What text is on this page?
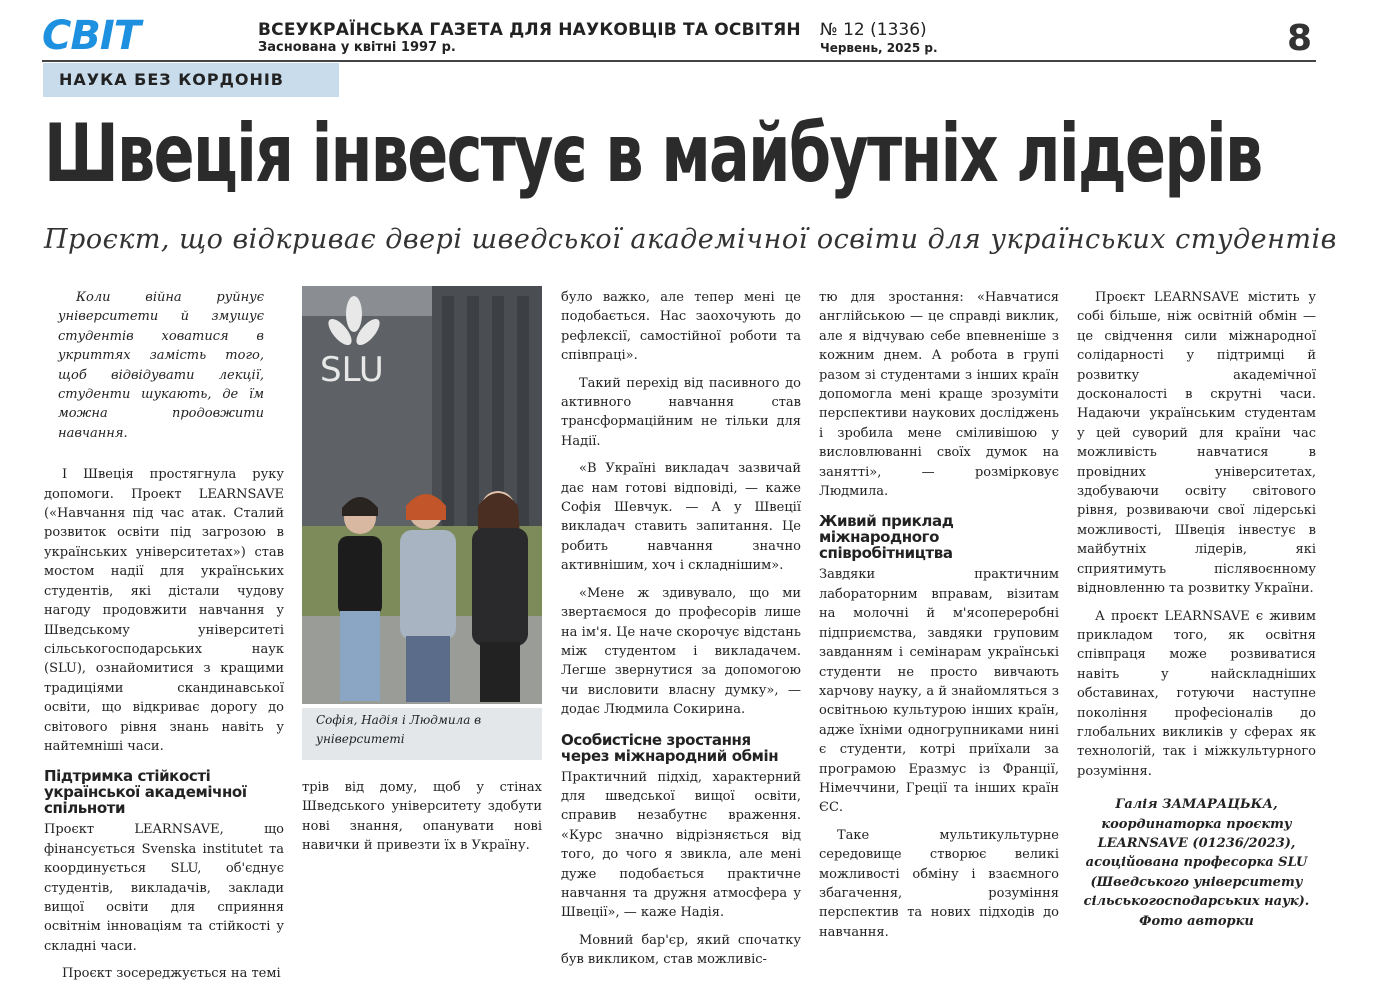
СВІТ	ВСЕУКРАЇНСЬКА ГАЗЕТА ДЛЯ НАУКОВЦІВ ТА ОСВІТЯН
Заснована у квітні 1997 р.
№ 12 (1336)
Червень, 2025 р.	8
НАУКА БЕЗ КОРДОНІВ
Швеція інвестує в майбутніх лідерів
Проєкт, що відкриває двері шведської академічної освіти для українських студентів

Коли війна руйнує університети й змушує студентів ховатися в укриттях замість того, щоб відвідувати лекції, студенти шукають, де їм можна продовжити навчання.

І Швеція простягнула руку допомоги. Проект LEARNSAVE («Навчання під час атак. Сталий розвиток освіти під загрозою в українських університетах») став мостом надії для українських студентів, які дістали чудову нагоду продовжити навчання у Шведському університеті сільськогосподарських наук (SLU), ознайомитися з кращими традиціями скандинавської освіти, що відкриває дорогу до світового рівня знань навіть у найтемніші часи.

Підтримка стійкості української академічної спільноти

Проєкт LEARNSAVE, що фінансується Svenska institutet та координується SLU, об'єднує студентів, викладачів, заклади вищої освіти для сприяння освітнім інноваціям та стійкості у складні часи.

Проєкт зосереджується на темі

SLU
Софія, Надія і Людмила в університеті

трів від дому, щоб у стінах Шведського університету здобути нові знання, опанувати нові навички й привезти їх в Україну.

було важко, але тепер мені це подобається. Нас заохочують до рефлексії, самостійної роботи та співпраці».

Такий перехід від пасивного до активного навчання став трансформаційним не тільки для Надії.

«В Україні викладач зазвичай дає нам готові відповіді, — каже Софія Шевчук. — А у Швеції викладач ставить запитання. Це робить навчання значно активнішим, хоч і складнішим».

«Мене ж здивувало, що ми звертаємося до професорів лише на ім'я. Це наче скорочує відстань між студентом і викладачем. Легше звернутися за допомогою чи висловити власну думку», — додає Людмила Сокирина.

Особистісне зростання через міжнародний обмін

Практичний підхід, характерний для шведської вищої освіти, справив незабутнє враження. «Курс значно відрізняється від того, до чого я звикла, але мені дуже подобається практичне навчання та дружня атмосфера у Швеції», — каже Надія.

Мовний бар'єр, який спочатку був викликом, став можливіс-

тю для зростання: «Навчатися англійською — це справді виклик, але я відчуваю себе впевненіше з кожним днем. А робота в групі разом зі студентами з інших країн допомогла мені краще зрозуміти перспективи наукових досліджень і зробила мене сміливішою у висловлюванні своїх думок на занятті», — розмірковує Людмила.

Живий приклад міжнародного співробітництва

Завдяки практичним лабораторним вправам, візитам на молочні й м'ясопереробні підприємства, завдяки груповим завданням і семінарам українські студенти не просто вивчають харчову науку, а й знайомляться з освітньою культурою інших країн, адже їхніми одногрупниками нині є студенти, котрі приїхали за програмою Еразмус із Франції, Німеччини, Греції та інших країн ЄС.

Таке мультикультурне середовище створює великі можливості обміну і взаємного збагачення, розуміння перспектив та нових підходів до навчання.

Проєкт LEARNSAVE містить у собі більше, ніж освітній обмін — це свідчення сили міжнародної солідарності у підтримці й розвитку академічної досконалості в скрутні часи. Надаючи українським студентам у цей суворий для країни час можливість навчатися в провідних університетах, здобуваючи освіту світового рівня, розвиваючи свої лідерські можливості, Швеція інвестує в майбутніх лідерів, які сприятимуть післявоєнному відновленню та розвитку України.

А проєкт LEARNSAVE є живим прикладом того, як освітня співпраця може розвиватися навіть у найскладніших обставинах, готуючи наступне покоління професіоналів до глобальних викликів у сферах як технологій, так і міжкультурного розуміння.

Галія ЗАМАРАЦЬКА, координаторка проєкту LEARNSAVE (01236/2023), асоційована професорка SLU (Шведського університету сільськогосподарських наук). Фото авторки
